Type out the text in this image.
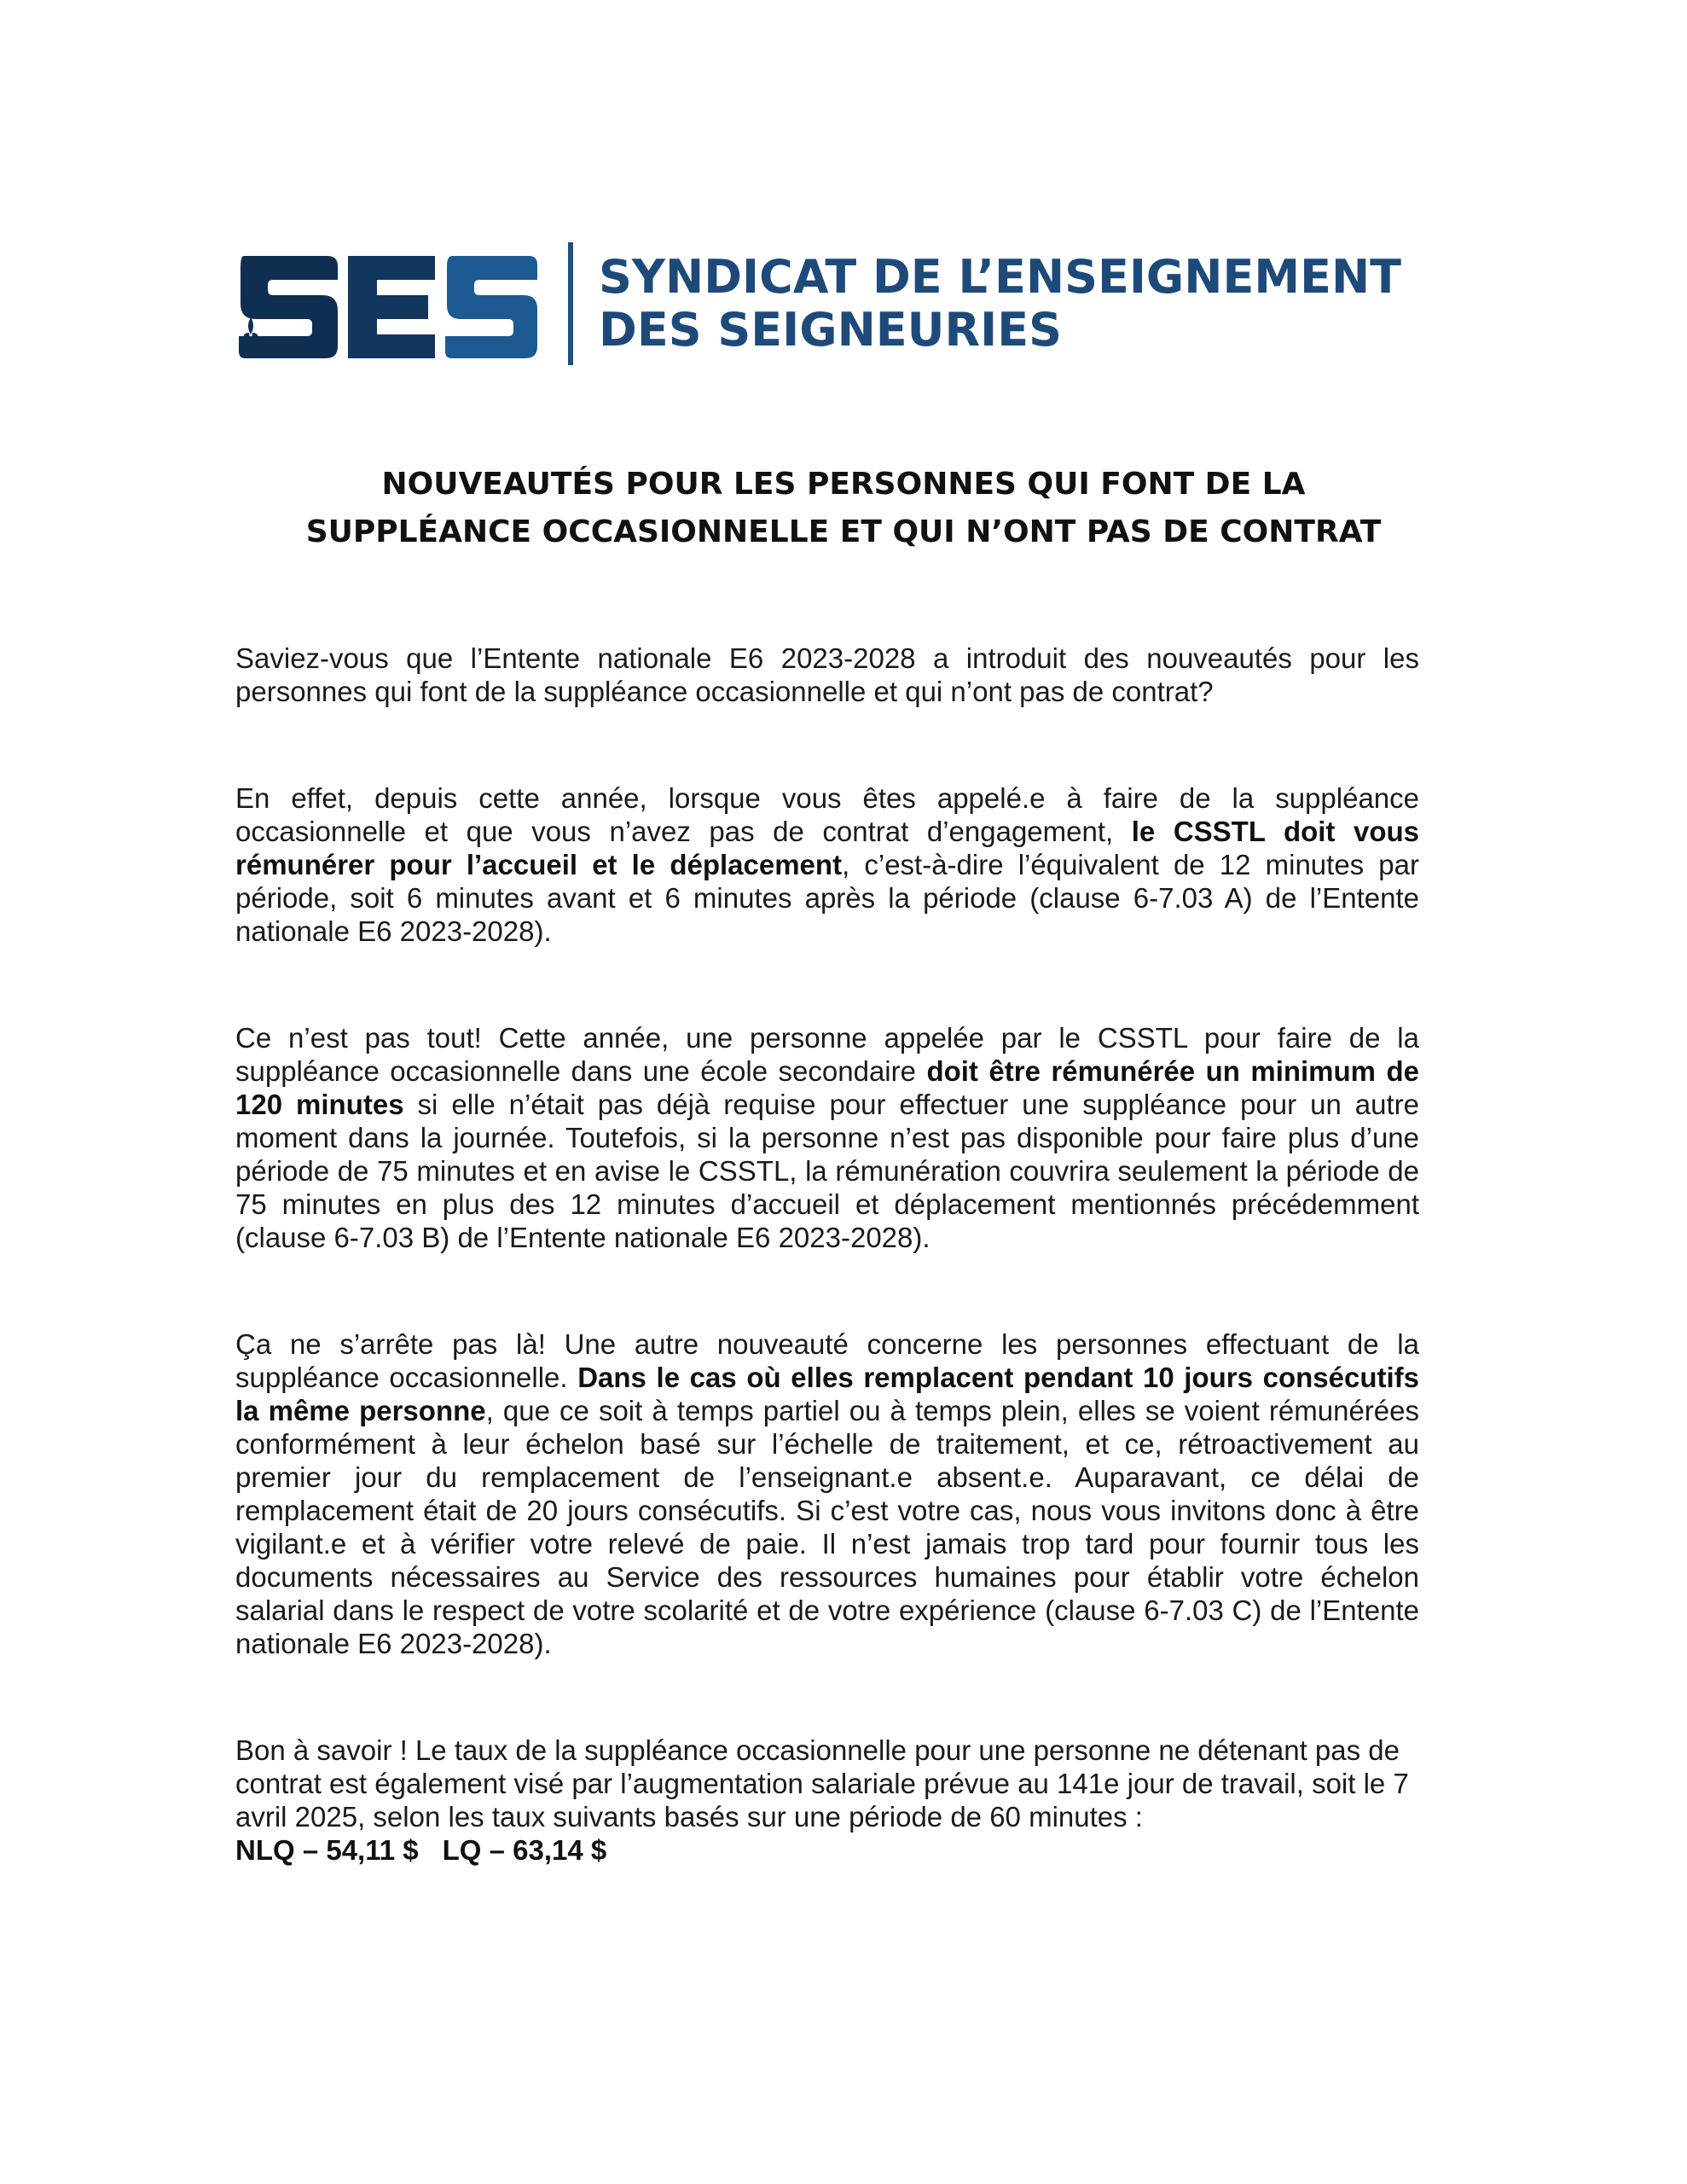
SYNDICAT DE L’ENSEIGNEMENT
DES SEIGNEURIES
NOUVEAUTÉS POUR LES PERSONNES QUI FONT DE LA
SUPPLÉANCE OCCASIONNELLE ET QUI N’ONT PAS DE CONTRAT

Saviez-vous que l’Entente nationale E6 2023-2028 a introduit des nouveautés pour les personnes qui font de la suppléance occasionnelle et qui n’ont pas de contrat?

En effet, depuis cette année, lorsque vous êtes appelé.e à faire de la suppléance occasionnelle et que vous n’avez pas de contrat d’engagement, le CSSTL doit vous rémunérer pour l’accueil et le déplacement, c’est-à-dire l’équivalent de 12 minutes par période, soit 6 minutes avant et 6 minutes après la période (clause 6-7.03 A) de l’Entente nationale E6 2023-2028).

Ce n’est pas tout! Cette année, une personne appelée par le CSSTL pour faire de la suppléance occasionnelle dans une école secondaire doit être rémunérée un minimum de 120 minutes si elle n’était pas déjà requise pour effectuer une suppléance pour un autre moment dans la journée. Toutefois, si la personne n’est pas disponible pour faire plus d’une période de 75 minutes et en avise le CSSTL, la rémunération couvrira seulement la période de 75 minutes en plus des 12 minutes d’accueil et déplacement mentionnés précédemment (clause 6-7.03 B) de l’Entente nationale E6 2023-2028).

Ça ne s’arrête pas là! Une autre nouveauté concerne les personnes effectuant de la suppléance occasionnelle. Dans le cas où elles remplacent pendant 10 jours consécutifs la même personne, que ce soit à temps partiel ou à temps plein, elles se voient rémunérées conformément à leur échelon basé sur l’échelle de traitement, et ce, rétroactivement au premier jour du remplacement de l’enseignant.e absent.e. Auparavant, ce délai de remplacement était de 20 jours consécutifs. Si c’est votre cas, nous vous invitons donc à être vigilant.e et à vérifier votre relevé de paie. Il n’est jamais trop tard pour fournir tous les documents nécessaires au Service des ressources humaines pour établir votre échelon salarial dans le respect de votre scolarité et de votre expérience (clause 6-7.03 C) de l’Entente nationale E6 2023-2028).

Bon à savoir ! Le taux de la suppléance occasionnelle pour une personne ne détenant pas de contrat est également visé par l’augmentation salariale prévue au 141e jour de travail, soit le 7 avril 2025, selon les taux suivants basés sur une période de 60 minutes :
NLQ – 54,11 $ LQ – 63,14 $
